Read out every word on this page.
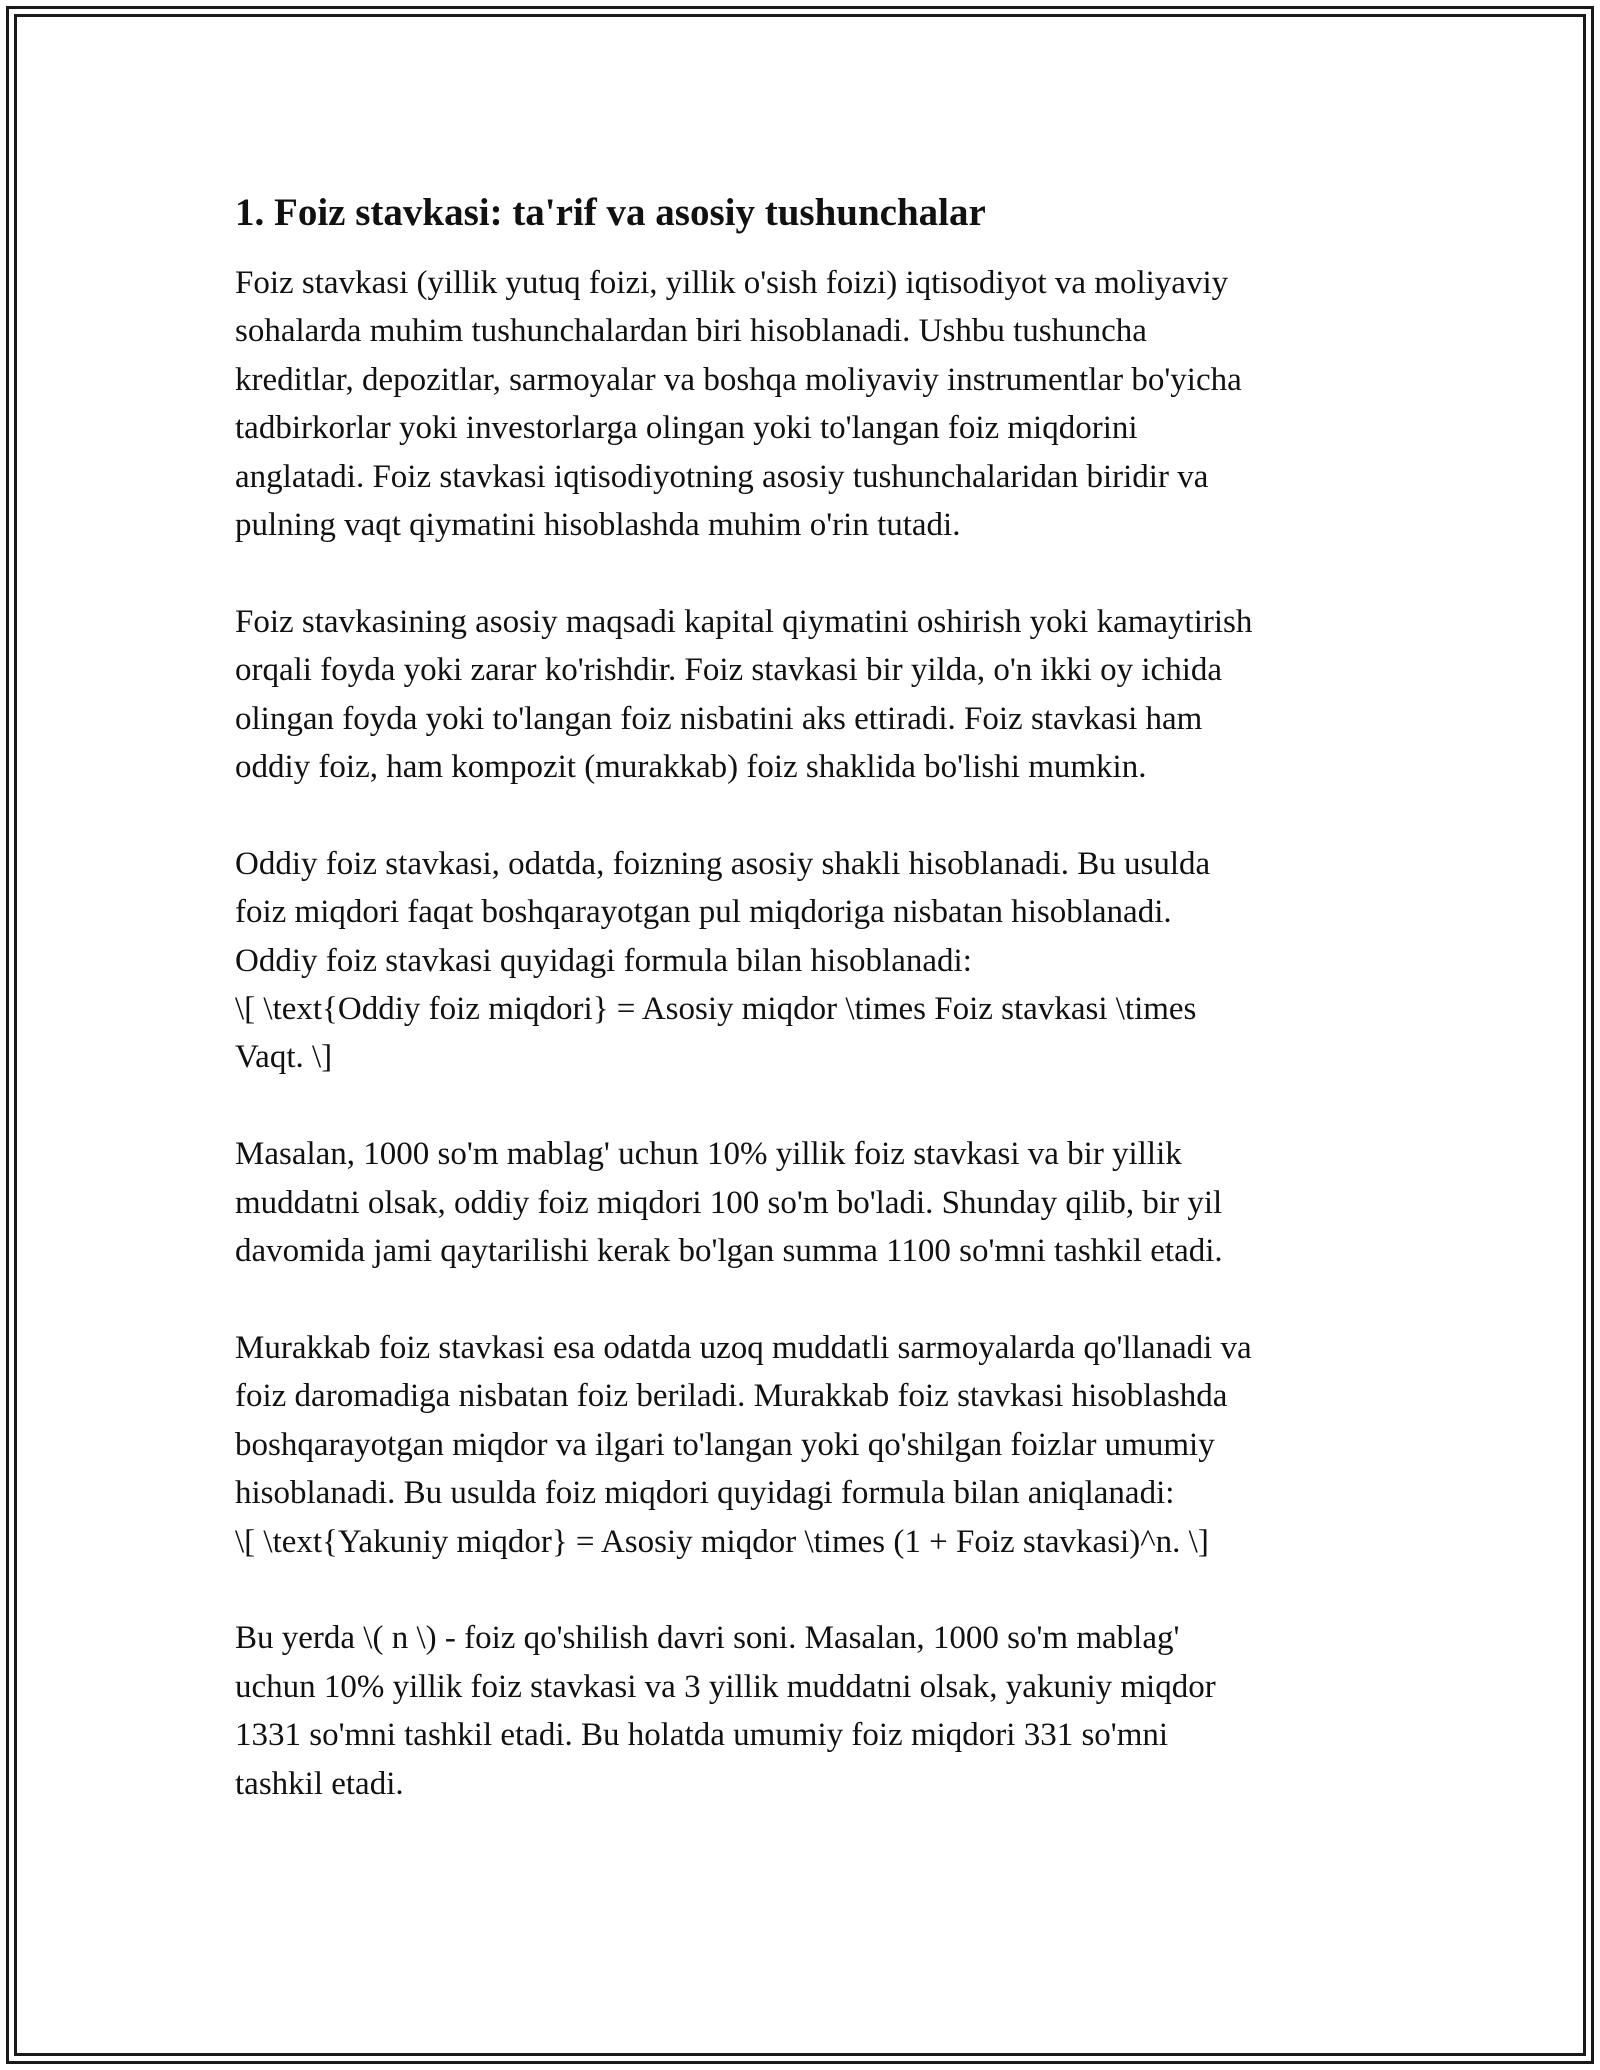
1. Foiz stavkasi: ta'rif va asosiy tushunchalar

Foiz stavkasi (yillik yutuq foizi, yillik o'sish foizi) iqtisodiyot va moliyaviy
sohalarda muhim tushunchalardan biri hisoblanadi. Ushbu tushuncha
kreditlar, depozitlar, sarmoyalar va boshqa moliyaviy instrumentlar bo'yicha
tadbirkorlar yoki investorlarga olingan yoki to'langan foiz miqdorini
anglatadi. Foiz stavkasi iqtisodiyotning asosiy tushunchalaridan biridir va
pulning vaqt qiymatini hisoblashda muhim o'rin tutadi.

Foiz stavkasining asosiy maqsadi kapital qiymatini oshirish yoki kamaytirish
orqali foyda yoki zarar ko'rishdir. Foiz stavkasi bir yilda, o'n ikki oy ichida
olingan foyda yoki to'langan foiz nisbatini aks ettiradi. Foiz stavkasi ham
oddiy foiz, ham kompozit (murakkab) foiz shaklida bo'lishi mumkin.

Oddiy foiz stavkasi, odatda, foizning asosiy shakli hisoblanadi. Bu usulda
foiz miqdori faqat boshqarayotgan pul miqdoriga nisbatan hisoblanadi.
Oddiy foiz stavkasi quyidagi formula bilan hisoblanadi:
\[ \text{Oddiy foiz miqdori} = Asosiy miqdor \times Foiz stavkasi \times
Vaqt. \]

Masalan, 1000 so'm mablag' uchun 10% yillik foiz stavkasi va bir yillik
muddatni olsak, oddiy foiz miqdori 100 so'm bo'ladi. Shunday qilib, bir yil
davomida jami qaytarilishi kerak bo'lgan summa 1100 so'mni tashkil etadi.

Murakkab foiz stavkasi esa odatda uzoq muddatli sarmoyalarda qo'llanadi va
foiz daromadiga nisbatan foiz beriladi. Murakkab foiz stavkasi hisoblashda
boshqarayotgan miqdor va ilgari to'langan yoki qo'shilgan foizlar umumiy
hisoblanadi. Bu usulda foiz miqdori quyidagi formula bilan aniqlanadi:
\[ \text{Yakuniy miqdor} = Asosiy miqdor \times (1 + Foiz stavkasi)^n. \]

Bu yerda \( n \) - foiz qo'shilish davri soni. Masalan, 1000 so'm mablag'
uchun 10% yillik foiz stavkasi va 3 yillik muddatni olsak, yakuniy miqdor
1331 so'mni tashkil etadi. Bu holatda umumiy foiz miqdori 331 so'mni
tashkil etadi.
